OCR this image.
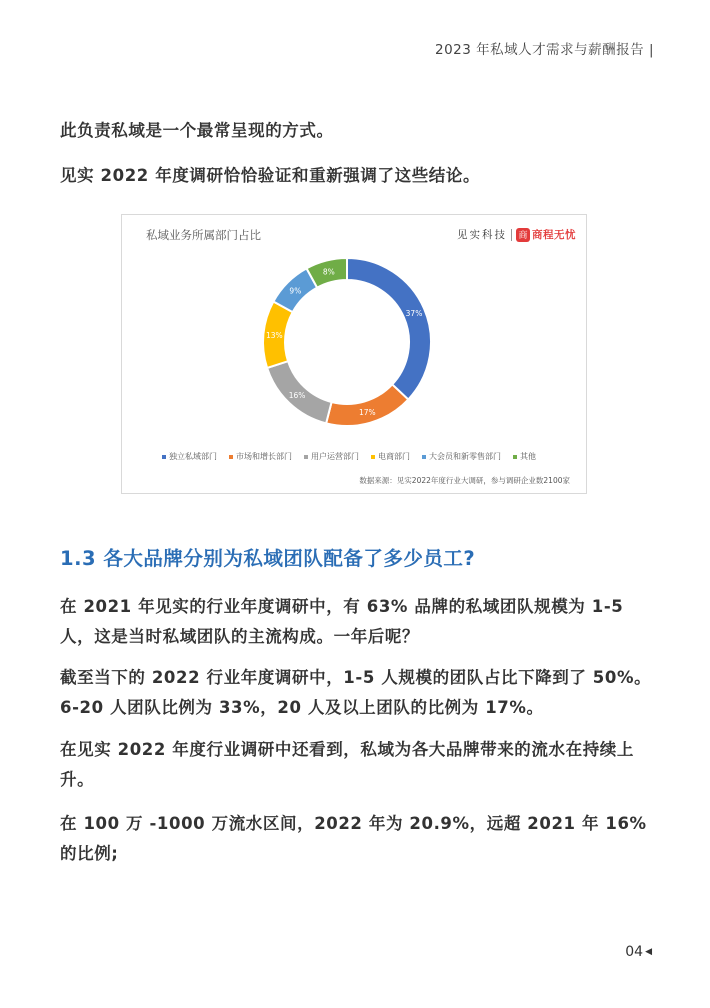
2023 年私域人才需求与薪酬报告 |

此负责私域是一个最常呈现的方式。

见实 2022 年度调研恰恰验证和重新强调了这些结论。

私域业务所属部门占比	见实科技 商 商程无忧
37%
17%
16%
13%
9%
8%
独立私域部门 市场和增长部门 用户运营部门 电商部门 大会员和新零售部门 其他
数据来源：见实2022年度行业大调研，参与调研企业数2100家
1.3 各大品牌分别为私域团队配备了多少员工?

在 2021 年见实的行业年度调研中，有 63% 品牌的私域团队规模为 1-5 人，这是当时私域团队的主流构成。一年后呢？

截至当下的 2022 行业年度调研中，1-5 人规模的团队占比下降到了 50%。6-20 人团队比例为 33%，20 人及以上团队的比例为 17%。

在见实 2022 年度行业调研中还看到，私域为各大品牌带来的流水在持续上升。

在 100 万 -1000 万流水区间，2022 年为 20.9%，远超 2021 年 16% 的比例;

04 ◀
